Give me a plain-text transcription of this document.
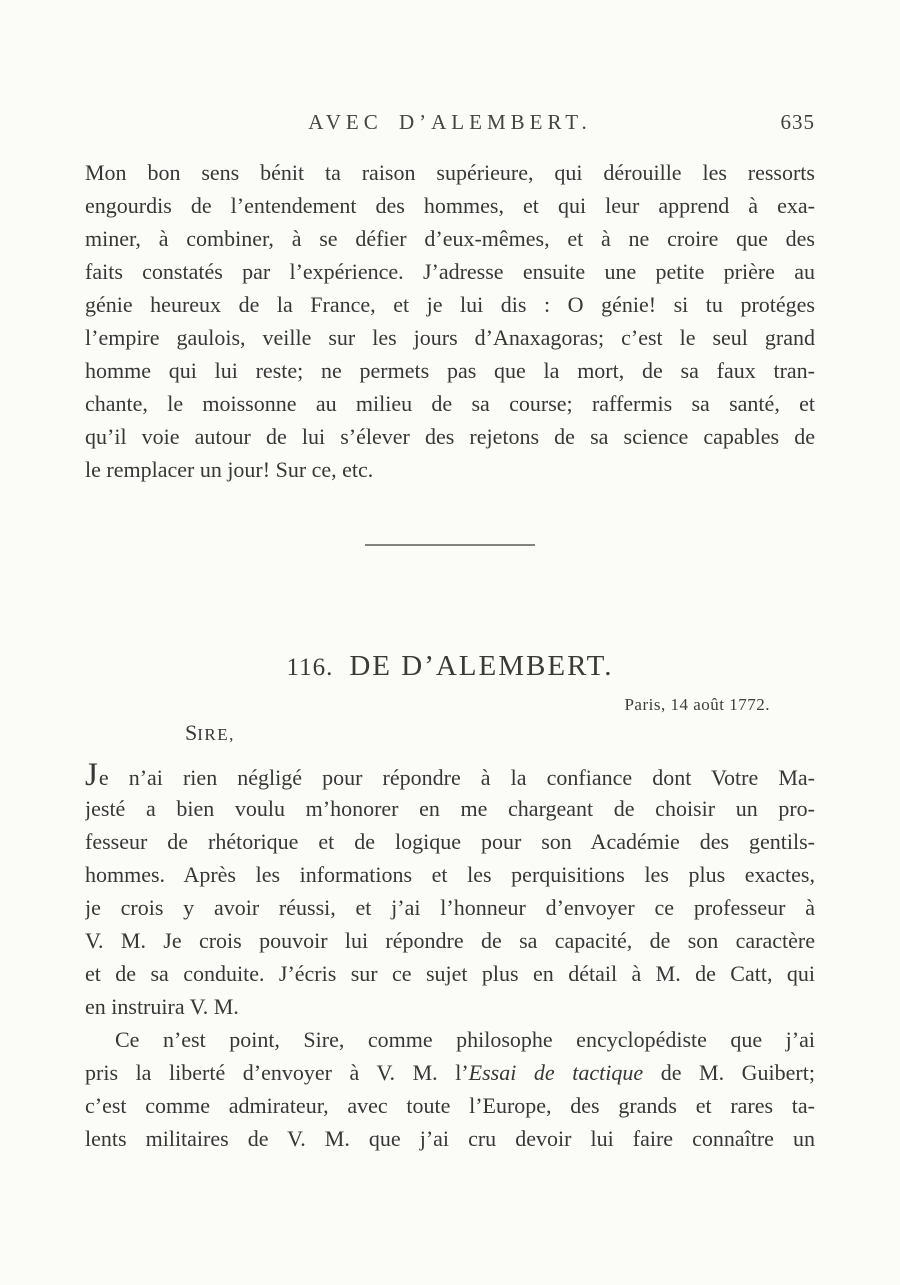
AVEC D’ALEMBERT.	635
Mon bon sens bénit ta raison supérieure, qui dérouille les ressorts
engourdis de l’entendement des hommes, et qui leur apprend à exa-
miner, à combiner, à se défier d’eux-mêmes, et à ne croire que des
faits constatés par l’expérience. J’adresse ensuite une petite prière au
génie heureux de la France, et je lui dis : O génie! si tu protéges
l’empire gaulois, veille sur les jours d’Anaxagoras; c’est le seul grand
homme qui lui reste; ne permets pas que la mort, de sa faux tran-
chante, le moissonne au milieu de sa course; raffermis sa santé, et
qu’il voie autour de lui s’élever des rejetons de sa science capables de
le remplacer un jour! Sur ce, etc.
116. DE D’ALEMBERT.
Paris, 14 août 1772.
SIRE,
Je n’ai rien négligé pour répondre à la confiance dont Votre Ma-
jesté a bien voulu m’honorer en me chargeant de choisir un pro-
fesseur de rhétorique et de logique pour son Académie des gentils-
hommes. Après les informations et les perquisitions les plus exactes,
je crois y avoir réussi, et j’ai l’honneur d’envoyer ce professeur à
V. M. Je crois pouvoir lui répondre de sa capacité, de son caractère
et de sa conduite. J’écris sur ce sujet plus en détail à M. de Catt, qui
en instruira V. M.
Ce n’est point, Sire, comme philosophe encyclopédiste que j’ai
pris la liberté d’envoyer à V. M. l’Essai de tactique de M. Guibert;
c’est comme admirateur, avec toute l’Europe, des grands et rares ta-
lents militaires de V. M. que j’ai cru devoir lui faire connaître un
